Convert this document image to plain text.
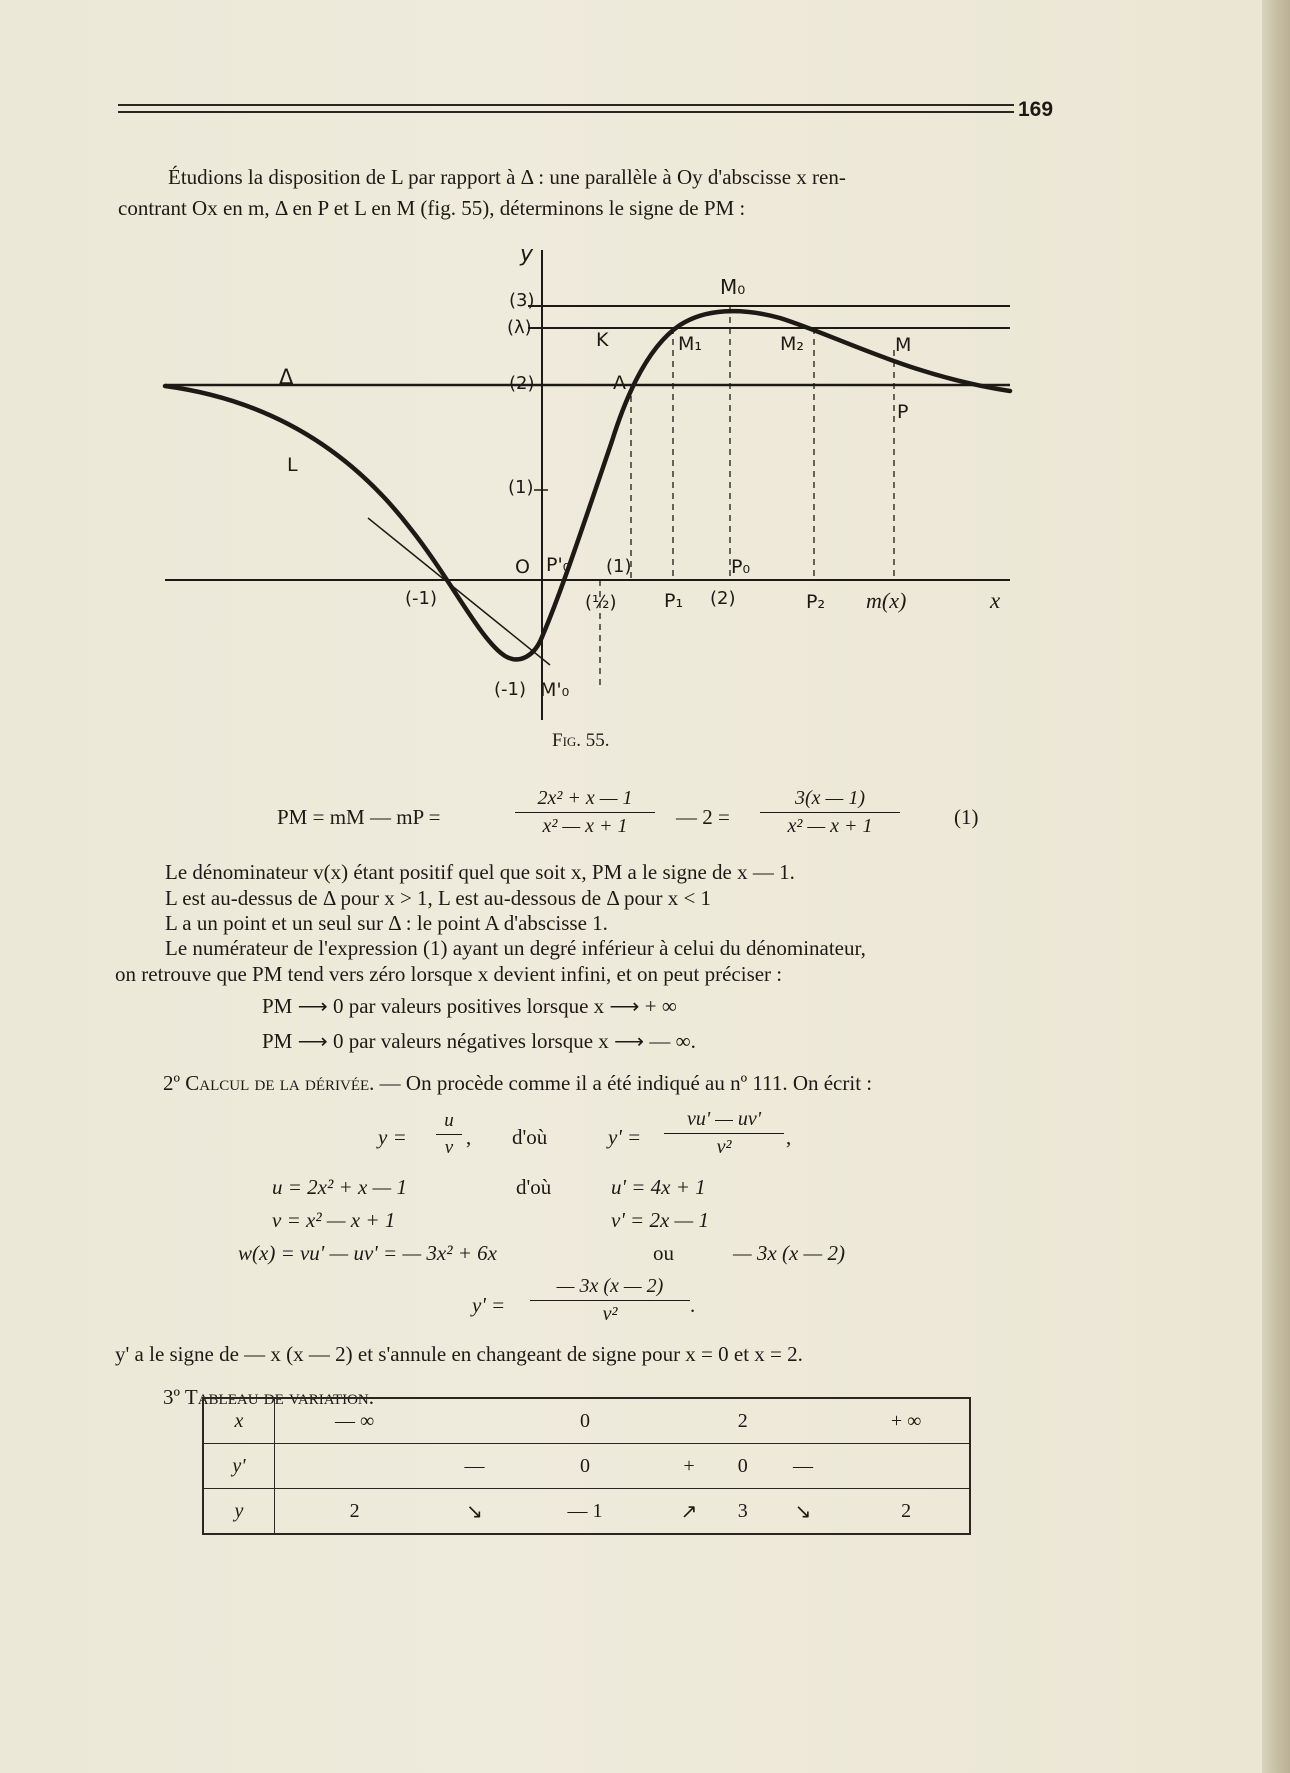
169
Étudions la disposition de L par rapport à Δ : une parallèle à Oy d'abscisse x ren-
contrant Ox en m, Δ en P et L en M (fig. 55), déterminons le signe de PM :
y
x
(3)
(λ)
(2)
(1)
(-1)
(-1)
O P'₀ (1)
(½)	P₁ (2)
P₀
P₂ m(x)
M₀
K	M₁	M₂	M
A
P
Δ
L
M'₀
Fig. 55.
PM = mM — mP =	$\frac{\text{2x² + x — 1}}{\text{x² — x + 1}}$ — $2 = \frac{3(x — 1)}{\text{x² — x + 1}}$	(1)
Le dénominateur v(x) étant positif quel que soit x, PM a le signe de x — 1.
L est au-dessus de Δ pour x > 1, L est au-dessous de Δ pour x < 1
L a un point et un seul sur Δ : le point A d'abscisse 1.
Le numérateur de l'expression (1) ayant un degré inférieur à celui du dénominateur,
on retrouve que PM tend vers zéro lorsque x devient infini, et on peut préciser :
PM ⟶ 0 par valeurs positives lorsque x ⟶ + ∞
PM ⟶ 0 par valeurs négatives lorsque x ⟶ — ∞.
2º Calcul de la dérivée. — On procède comme il a été indiqué au nº 111. On écrit :
$y = \frac{u}{v}$ , d'où	$y' = \frac{vu' — uv'}{\text{v²}}$ ,
u = 2x² + x — 1	d'où	u' = 4x + 1
v = x² — x + 1	v' = 2x — 1
w(x) = vu' — uv' = — 3x² + 6x	ou	— 3x (x — 2)
$y' = \frac{— 3x (x — 2)}{\text{v²}}$ .
y' a le signe de — x (x — 2) et s'annule en changeant de signe pour x = 0 et x = 2.
3º Tableau de variation.
x	— ∞		0		2		+ ∞
y'		—	0	+	0	—	
y	2	↘	— 1	↗	3	↘	2
